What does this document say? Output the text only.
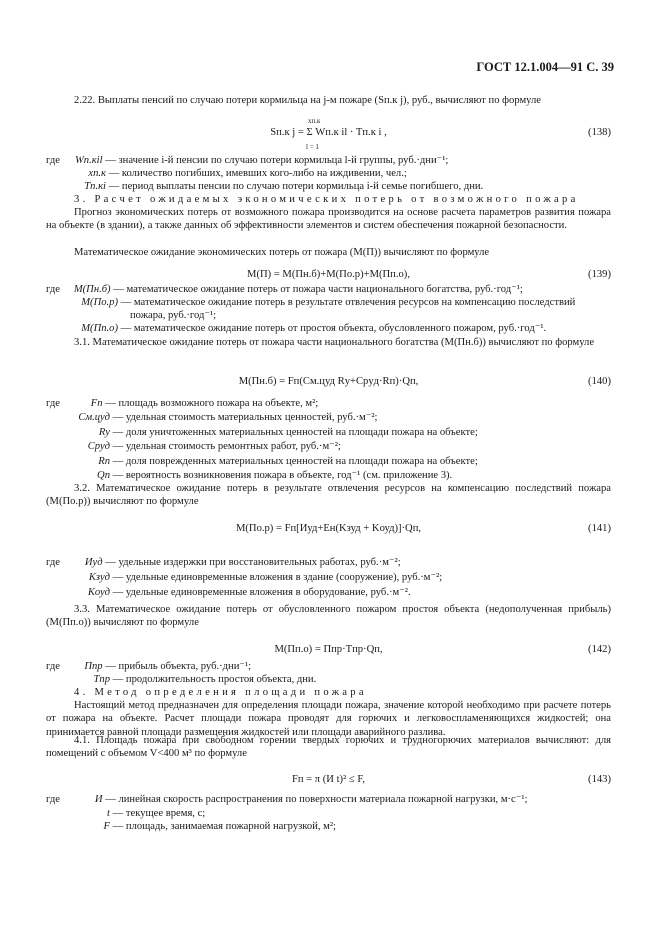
ГОСТ 12.1.004—91 С. 39
2.22. Выплаты пенсий по случаю потери кормильца на j-м пожаре (Sп.к j), руб., вычисляют по формуле
xп.к
Sп.к j = Σ Wп.к il · Tп.к i ,
l = 1
(138)
где Wп.кil — значение i-й пенсии по случаю потери кормильца l-й группы, руб.·дни⁻¹;
xп.к — количество погибших, имевших кого-либо на иждивении, чел.;
Tп.кi — период выплаты пенсии по случаю потери кормильца i-й семье погибшего, дни.
3. Расчет ожидаемых экономических потерь от возможного пожара
Прогноз экономических потерь от возможного пожара производится на основе расчета параметров развития пожара на объекте (в здании), а также данных об эффективности элементов и систем обеспечения пожарной безопасности.
Математическое ожидание экономических потерь от пожара (M(П)) вычисляют по формуле
M(П) = M(Пн.б)+M(По.р)+M(Пп.о),	(139)
где M(Пн.б) — математическое ожидание потерь от пожара части национального богатства, руб.·год⁻¹;
M(По.р) — математическое ожидание потерь в результате отвлечения ресурсов на компенсацию последствий
пожара, руб.·год⁻¹;
M(Пп.о) — математическое ожидание потерь от простоя объекта, обусловленного пожаром, руб.·год⁻¹.
3.1. Математическое ожидание потерь от пожара части национального богатства (M(Пн.б)) вычисляют по формуле
M(Пн.б) = Fп(Cм.цуд Rу+Cрyд·Rп)·Qп,	(140)
где	Fп — площадь возможного пожара на объекте, м²;
Cм.цуд — удельная стоимость материальных ценностей, руб.·м⁻²;
Rу — доля уничтоженных материальных ценностей на площади пожара на объекте;
Cруд — удельная стоимость ремонтных работ, руб.·м⁻²;
Rп — доля поврежденных материальных ценностей на площади пожара на объекте;
Qп — вероятность возникновения пожара в объекте, год⁻¹ (см. приложение 3).
3.2. Математическое ожидание потерь в результате отвлечения ресурсов на компенсацию последствий пожара (M(По.р)) вычисляют по формуле
M(По.р) = Fп[Иуд+Eн(Kзуд + Kоуд)]·Qп,	(141)
где Иуд — удельные издержки при восстановительных работах, руб.·м⁻²;
Kзуд — удельные единовременные вложения в здание (сооружение), руб.·м⁻²;
Kоуд — удельные единовременные вложения в оборудование, руб.·м⁻².
3.3. Математическое ожидание потерь от обусловленного пожаром простоя объекта (недополученная прибыль) (M(Пп.о)) вычисляют по формуле
M(Пп.о) = Ппр·Tпр·Qп,	(142)
где Ппр — прибыль объекта, руб.·дни⁻¹;
Tпр — продолжительность простоя объекта, дни.
4. Метод определения площади пожара
Настоящий метод предназначен для определения площади пожара, значение которой необходимо при расчете потерь от пожара на объекте. Расчет площади пожара проводят для горючих и легковоспламеняющихся жидкостей; она принимается равной площади размещения жидкостей или площади аварийного разлива.
4.1. Площадь пожара при свободном горении твердых горючих и трудногорючих материалов вычисляют: для помещений с объемом V<400 м³ по формуле
Fп = π (И t)² ≤ F,	(143)
где	И — линейная скорость распространения по поверхности материала пожарной нагрузки, м·с⁻¹;
t — текущее время, с;
F — площадь, занимаемая пожарной нагрузкой, м²;
